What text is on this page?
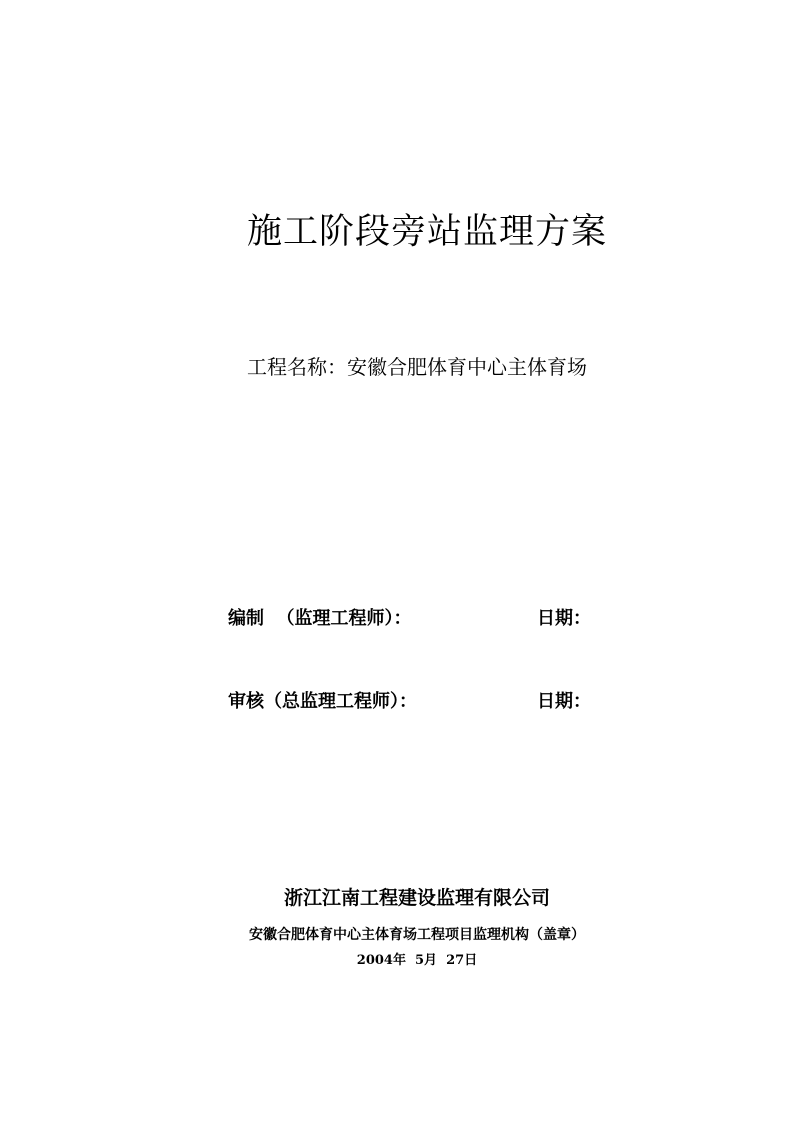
施工阶段旁站监理方案
工程名称：安徽合肥体育中心主体育场
编制  （监理工程师）：	日期：
审核（总监理工程师）：	日期：
浙江江南工程建设监理有限公司
安徽合肥体育中心主体育场工程项目监理机构（盖章）
2004年  5月  27日
